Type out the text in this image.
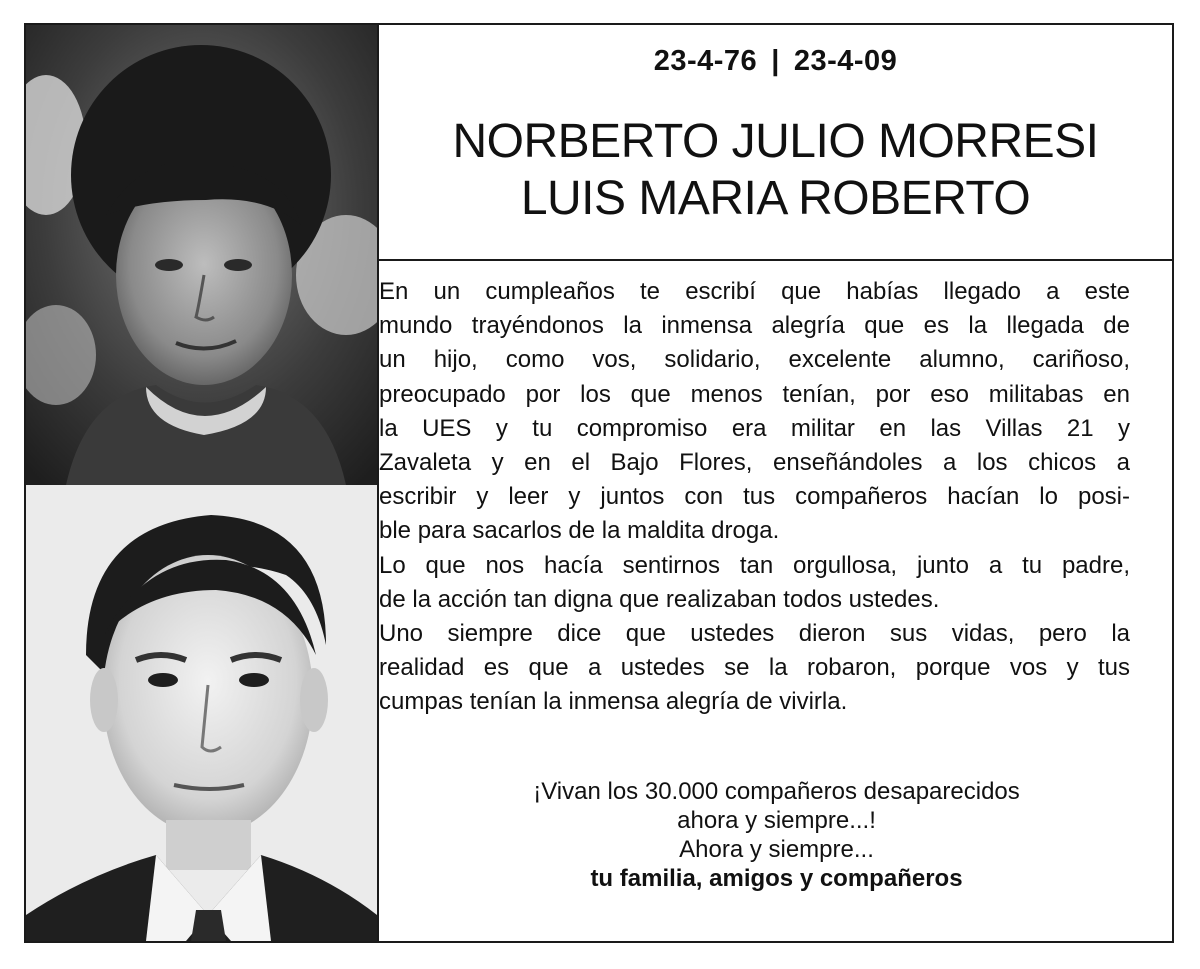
23-4-76 | 23-4-09
NORBERTO JULIO MORRESI
LUIS MARIA ROBERTO

En un cumpleaños te escribí que habías llegado a este
mundo trayéndonos la inmensa alegría que es la llegada de
un hijo, como vos, solidario, excelente alumno, cariñoso,
preocupado por los que menos tenían, por eso militabas en
la UES y tu compromiso era militar en las Villas 21 y
Zavaleta y en el Bajo Flores, enseñándoles a los chicos a
escribir y leer y juntos con tus compañeros hacían lo posi-
ble para sacarlos de la maldita droga.

Lo que nos hacía sentirnos tan orgullosa, junto a tu padre,
de la acción tan digna que realizaban todos ustedes.

Uno siempre dice que ustedes dieron sus vidas, pero la
realidad es que a ustedes se la robaron, porque vos y tus
cumpas tenían la inmensa alegría de vivirla.

¡Vivan los 30.000 compañeros desaparecidos
ahora y siempre...!
Ahora y siempre...
tu familia, amigos y compañeros
